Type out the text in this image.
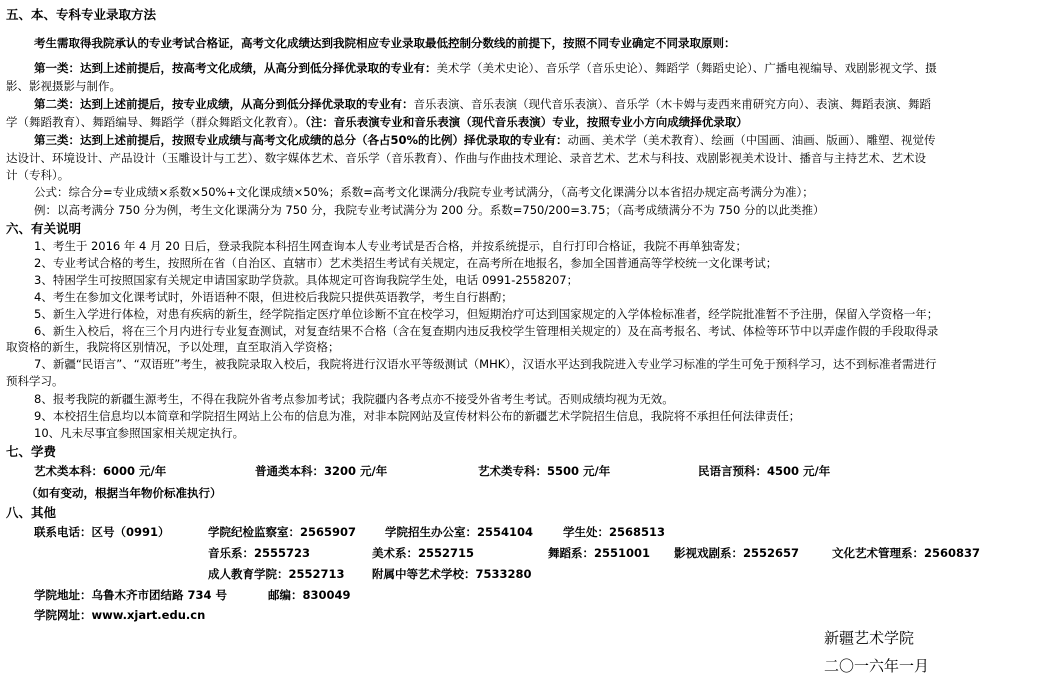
五、本、专科专业录取方法
考生需取得我院承认的专业考试合格证，高考文化成绩达到我院相应专业录取最低控制分数线的前提下，按照不同专业确定不同录取原则：
第一类：达到上述前提后，按高考文化成绩，从高分到低分择优录取的专业有：美术学（美术史论）、音乐学（音乐史论）、舞蹈学（舞蹈史论）、广播电视编导、戏剧影视文学、摄
影、影视摄影与制作。
第二类：达到上述前提后，按专业成绩，从高分到低分择优录取的专业有：音乐表演、音乐表演（现代音乐表演）、音乐学（木卡姆与麦西来甫研究方向）、表演、舞蹈表演、舞蹈
学（舞蹈教育）、舞蹈编导、舞蹈学（群众舞蹈文化教育）。（注：音乐表演专业和音乐表演（现代音乐表演）专业，按照专业小方向成绩择优录取）
第三类：达到上述前提后，按照专业成绩与高考文化成绩的总分（各占50%的比例）择优录取的专业有：动画、美术学（美术教育）、绘画（中国画、油画、版画）、雕塑、视觉传
达设计、环境设计、产品设计（玉雕设计与工艺）、数字媒体艺术、音乐学（音乐教育）、作曲与作曲技术理论、录音艺术、艺术与科技、戏剧影视美术设计、播音与主持艺术、艺术设
计（专科）。
公式：综合分=专业成绩×系数×50%+文化课成绩×50%；系数=高考文化课满分/我院专业考试满分，（高考文化课满分以本省招办规定高考满分为准）；
例：以高考满分 750 分为例，考生文化课满分为 750 分，我院专业考试满分为 200 分。系数=750/200=3.75；（高考成绩满分不为 750 分的以此类推）
六、有关说明
1、考生于 2016 年 4 月 20 日后，登录我院本科招生网查询本人专业考试是否合格，并按系统提示，自行打印合格证，我院不再单独寄发；
2、专业考试合格的考生，按照所在省（自治区、直辖市）艺术类招生考试有关规定，在高考所在地报名，参加全国普通高等学校统一文化课考试；
3、特困学生可按照国家有关规定申请国家助学贷款。具体规定可咨询我院学生处，电话 0991-2558207；
4、考生在参加文化课考试时，外语语种不限，但进校后我院只提供英语教学，考生自行斟酌；
5、新生入学进行体检，对患有疾病的新生，经学院指定医疗单位诊断不宜在校学习，但短期治疗可达到国家规定的入学体检标准者，经学院批准暂不予注册，保留入学资格一年；
6、新生入校后，将在三个月内进行专业复查测试，对复查结果不合格（含在复查期内违反我校学生管理相关规定的）及在高考报名、考试、体检等环节中以弄虚作假的手段取得录
取资格的新生，我院将区别情况，予以处理，直至取消入学资格；
7、新疆“民语言”、“双语班”考生，被我院录取入校后，我院将进行汉语水平等级测试（MHK），汉语水平达到我院进入专业学习标准的学生可免于预科学习，达不到标准者需进行
预科学习。
8、报考我院的新疆生源考生，不得在我院外省考点参加考试；我院疆内各考点亦不接受外省考生考试。否则成绩均视为无效。
9、本校招生信息均以本简章和学院招生网站上公布的信息为准，对非本院网站及宣传材料公布的新疆艺术学院招生信息，我院将不承担任何法律责任；
10、凡未尽事宜参照国家相关规定执行。
七、学费
艺术类本科：6000 元/年	普通类本科：3200 元/年	艺术类专科：5500 元/年	民语言预科：4500 元/年
（如有变动，根据当年物价标准执行）
八、其他
联系电话：区号（0991）	学院纪检监察室：2565907	学院招生办公室：2554104	学生处：2568513
音乐系：2555723	美术系：2552715	舞蹈系：2551001 影视戏剧系：2552657	文化艺术管理系：2560837
成人教育学院：2552713 附属中等艺术学校：7533280
学院地址：乌鲁木齐市团结路 734 号	邮编：830049
学院网址：www.xjart.edu.cn
新疆艺术学院
二〇一六年一月
